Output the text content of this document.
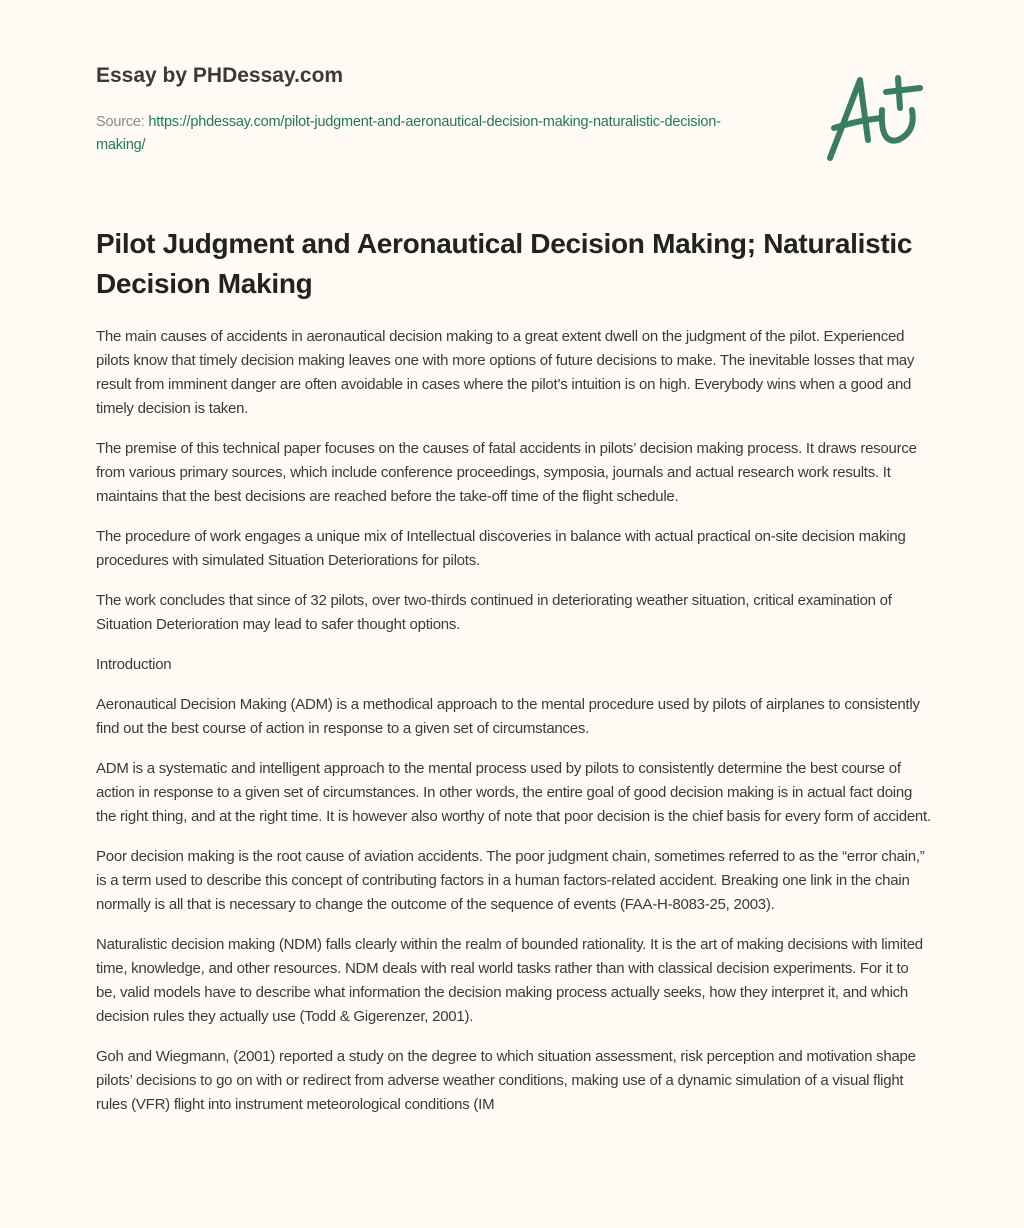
Essay by PHDessay.com

Source: https://phdessay.com/pilot-judgment-and-aeronautical-decision-making-naturalistic-decision-making/
Pilot Judgment and Aeronautical Decision Making; Naturalistic Decision Making

The main causes of accidents in aeronautical decision making to a great extent dwell on the judgment of the pilot. Experienced pilots know that timely decision making leaves one with more options of future decisions to make. The inevitable losses that may result from imminent danger are often avoidable in cases where the pilot’s intuition is on high. Everybody wins when a good and timely decision is taken.

The premise of this technical paper focuses on the causes of fatal accidents in pilots’ decision making process. It draws resource from various primary sources, which include conference proceedings, symposia, journals and actual research work results. It maintains that the best decisions are reached before the take-off time of the flight schedule.

The procedure of work engages a unique mix of Intellectual discoveries in balance with actual practical on-site decision making procedures with simulated Situation Deteriorations for pilots.

The work concludes that since of 32 pilots, over two-thirds continued in deteriorating weather situation, critical examination of Situation Deterioration may lead to safer thought options.

Introduction

Aeronautical Decision Making (ADM) is a methodical approach to the mental procedure used by pilots of airplanes to consistently find out the best course of action in response to a given set of circumstances.

ADM is a systematic and intelligent approach to the mental process used by pilots to consistently determine the best course of action in response to a given set of circumstances. In other words, the entire goal of good decision making is in actual fact doing the right thing, and at the right time. It is however also worthy of note that poor decision is the chief basis for every form of accident.

Poor decision making is the root cause of aviation accidents. The poor judgment chain, sometimes referred to as the “error chain,” is a term used to describe this concept of contributing factors in a human factors-related accident. Breaking one link in the chain normally is all that is necessary to change the outcome of the sequence of events (FAA-H-8083-25, 2003).

Naturalistic decision making (NDM) falls clearly within the realm of bounded rationality. It is the art of making decisions with limited time, knowledge, and other resources. NDM deals with real world tasks rather than with classical decision experiments. For it to be, valid models have to describe what information the decision making process actually seeks, how they interpret it, and which decision rules they actually use (Todd & Gigerenzer, 2001).

Goh and Wiegmann, (2001) reported a study on the degree to which situation assessment, risk perception and motivation shape pilots’ decisions to go on with or redirect from adverse weather conditions, making use of a dynamic simulation of a visual flight rules (VFR) flight into instrument meteorological conditions (IM
